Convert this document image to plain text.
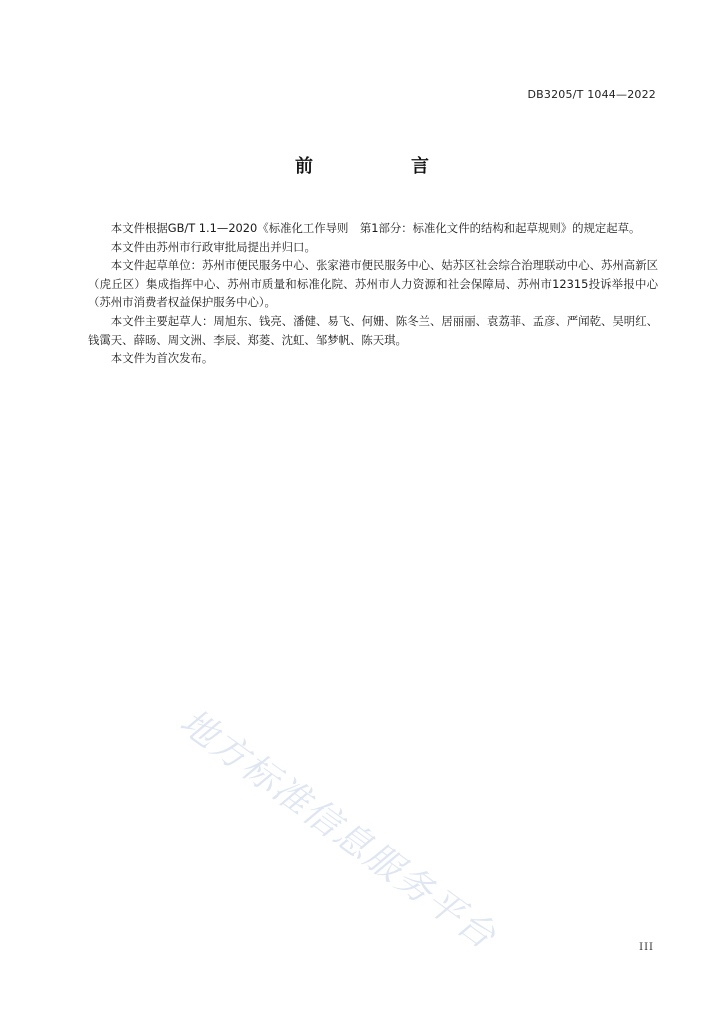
DB3205/T 1044—2022
前　言

本文件根据GB/T 1.1—2020《标准化工作导则　第1部分：标准化文件的结构和起草规则》的规定起草。

本文件由苏州市行政审批局提出并归口。

本文件起草单位：苏州市便民服务中心、张家港市便民服务中心、姑苏区社会综合治理联动中心、苏州高新区（虎丘区）集成指挥中心、苏州市质量和标准化院、苏州市人力资源和社会保障局、苏州市12315投诉举报中心（苏州市消费者权益保护服务中心）。

本文件主要起草人：周旭东、钱亮、潘健、易飞、何姗、陈冬兰、居丽丽、袁荔菲、孟彦、严闻乾、吴明红、钱霭天、薛旸、周文洲、李辰、郑菱、沈虹、邹梦帆、陈天琪。

本文件为首次发布。

地方标准信息服务平台	III
